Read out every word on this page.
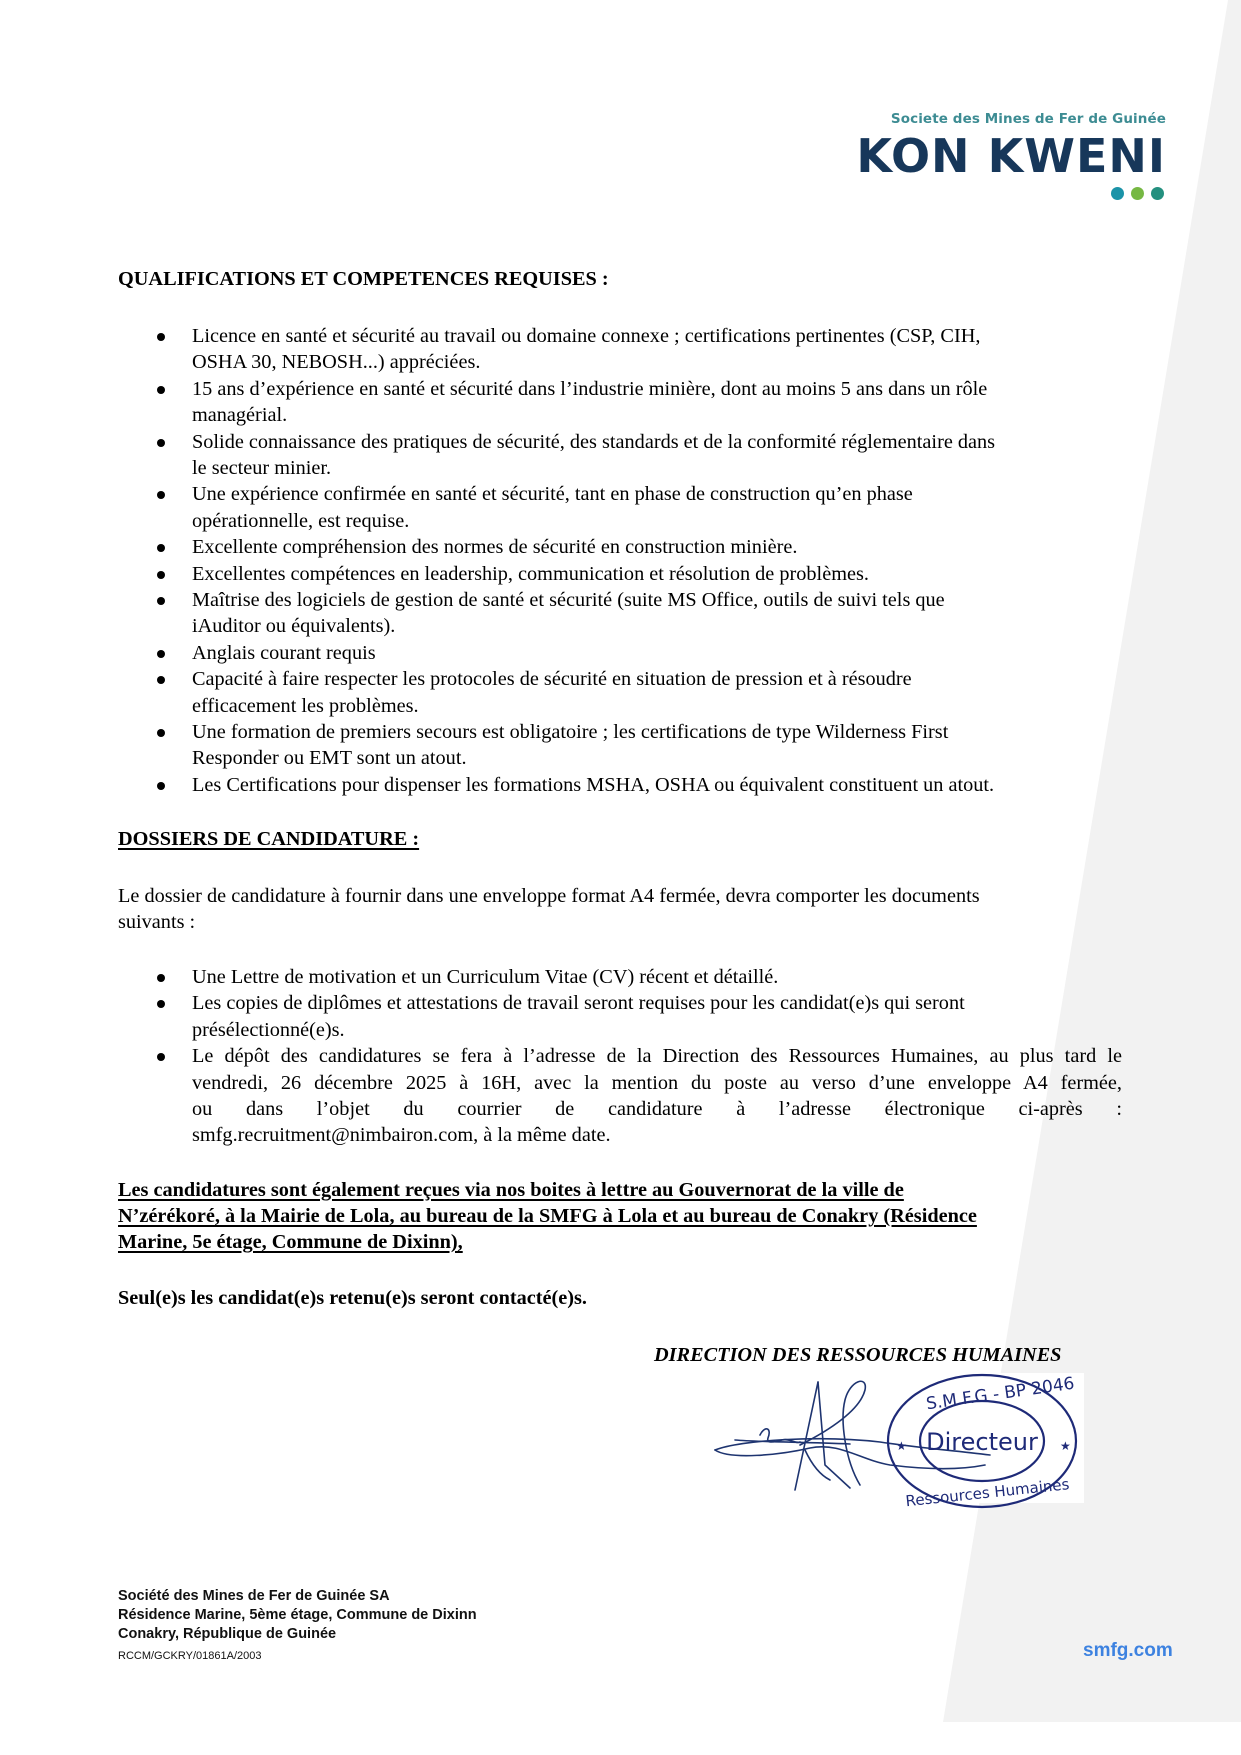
Societe des Mines de Fer de Guinée
KON KWENI
QUALIFICATIONS ET COMPETENCES REQUISES :
Licence en santé et sécurité au travail ou domaine connexe ; certifications pertinentes (CSP, CIH,
OSHA 30, NEBOSH...) appréciées.
15 ans d’expérience en santé et sécurité dans l’industrie minière, dont au moins 5 ans dans un rôle
managérial.
Solide connaissance des pratiques de sécurité, des standards et de la conformité réglementaire dans
le secteur minier.
Une expérience confirmée en santé et sécurité, tant en phase de construction qu’en phase
opérationnelle, est requise.
Excellente compréhension des normes de sécurité en construction minière.
Excellentes compétences en leadership, communication et résolution de problèmes.
Maîtrise des logiciels de gestion de santé et sécurité (suite MS Office, outils de suivi tels que
iAuditor ou équivalents).
Anglais courant requis
Capacité à faire respecter les protocoles de sécurité en situation de pression et à résoudre
efficacement les problèmes.
Une formation de premiers secours est obligatoire ; les certifications de type Wilderness First
Responder ou EMT sont un atout.
Les Certifications pour dispenser les formations MSHA, OSHA ou équivalent constituent un atout.
DOSSIERS DE CANDIDATURE :
Le dossier de candidature à fournir dans une enveloppe format A4 fermée, devra comporter les documents
suivants :
Une Lettre de motivation et un Curriculum Vitae (CV) récent et détaillé.
Les copies de diplômes et attestations de travail seront requises pour les candidat(e)s qui seront
présélectionné(e)s.
Le dépôt des candidatures se fera à l’adresse de la Direction des Ressources Humaines, au plus tard le
vendredi, 26 décembre 2025 à 16H, avec la mention du poste au verso d’une enveloppe A4 fermée,
ou dans l’objet du courrier de candidature à l’adresse électronique ci-après :
smfg.recruitment@nimbairon.com, à la même date.
Les candidatures sont également reçues via nos boites à lettre au Gouvernorat de la ville de
N’zérékoré, à la Mairie de Lola, au bureau de la SMFG à Lola et au bureau de Conakry (Résidence
Marine, 5e étage, Commune de Dixinn),
Seul(e)s les candidat(e)s retenu(e)s seront contacté(e)s.
DIRECTION DES RESSOURCES HUMAINES
S.M.F.G - BP 2046
Directeur
Ressources Humaines
★	★
Société des Mines de Fer de Guinée SA
Résidence Marine, 5ème étage, Commune de Dixinn
Conakry, République de Guinée
RCCM/GCKRY/01861A/2003	smfg.com
